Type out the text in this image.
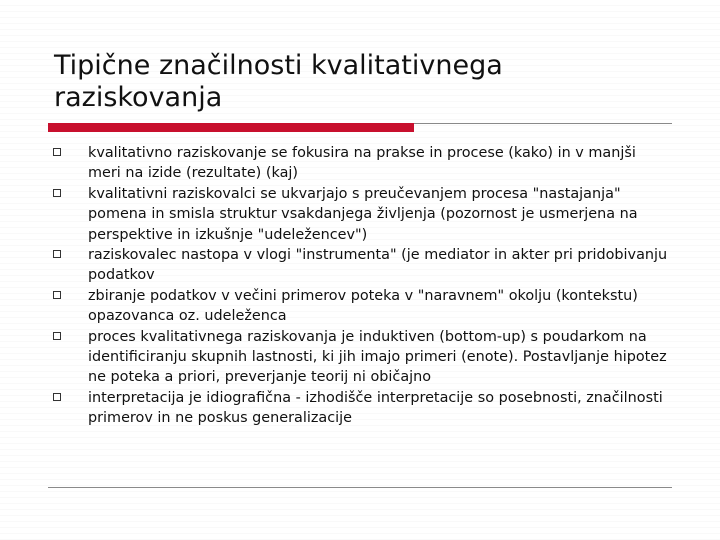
Tipične značilnosti kvalitativnega raziskovanja
kvalitativno raziskovanje se fokusira na prakse in procese (kako) in v manjši meri na izide (rezultate) (kaj)
kvalitativni raziskovalci se ukvarjajo s preučevanjem procesa "nastajanja" pomena in smisla struktur vsakdanjega življenja (pozornost je usmerjena na perspektive in izkušnje "udeležencev")
raziskovalec nastopa v vlogi "instrumenta" (je mediator in akter pri pridobivanju podatkov
zbiranje podatkov v večini primerov poteka v "naravnem" okolju (kontekstu) opazovanca oz. udeleženca
proces kvalitativnega raziskovanja je induktiven (bottom-up) s poudarkom na identificiranju skupnih lastnosti, ki jih imajo primeri (enote). Postavljanje hipotez ne poteka a priori, preverjanje teorij ni običajno
interpretacija je idiografična - izhodišče interpretacije so posebnosti, značilnosti primerov in ne poskus generalizacije
